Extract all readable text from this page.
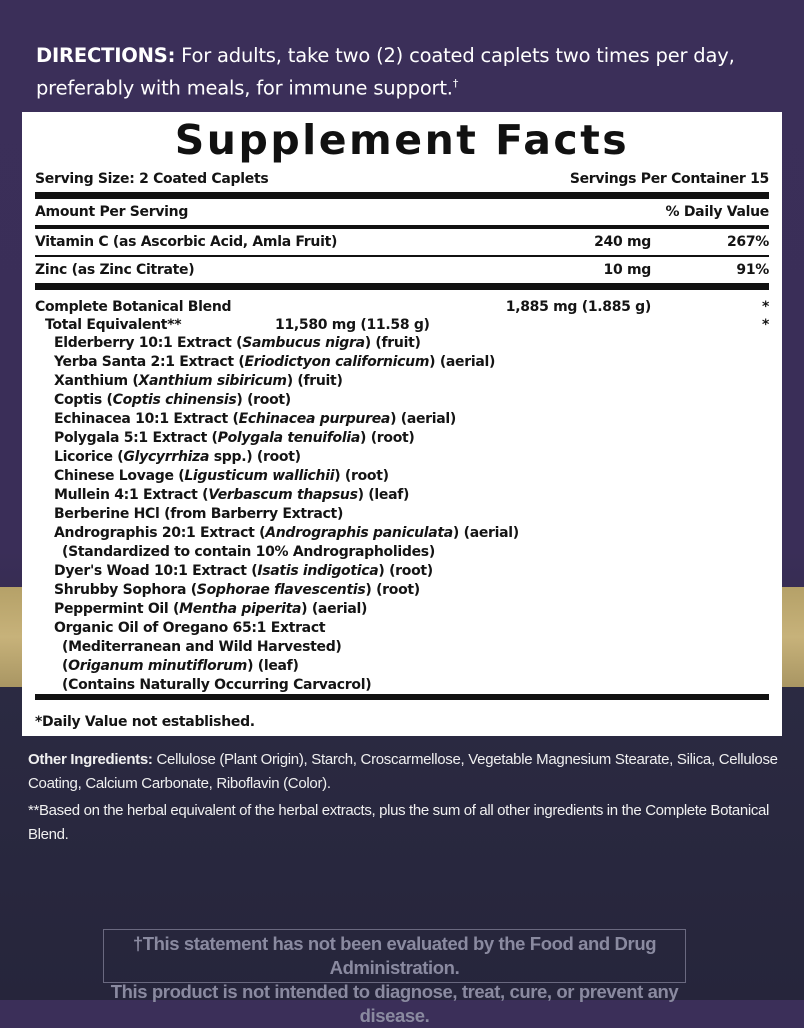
DIRECTIONS: For adults, take two (2) coated caplets two times per day, preferably with meals, for immune support.†
Supplement Facts
Serving Size: 2 Coated Caplets	Servings Per Container 15
Amount Per Serving	% Daily Value
Vitamin C (as Ascorbic Acid, Amla Fruit)	240 mg	267%
Zinc (as Zinc Citrate)	10 mg	91%
Complete Botanical Blend	1,885 mg (1.885 g)	*
Total Equivalent**	11,580 mg (11.58 g)	*
Elderberry 10:1 Extract (Sambucus nigra) (fruit)
Yerba Santa 2:1 Extract (Eriodictyon californicum) (aerial)
Xanthium (Xanthium sibiricum) (fruit)
Coptis (Coptis chinensis) (root)
Echinacea 10:1 Extract (Echinacea purpurea) (aerial)
Polygala 5:1 Extract (Polygala tenuifolia) (root)
Licorice (Glycyrrhiza spp.) (root)
Chinese Lovage (Ligusticum wallichii) (root)
Mullein 4:1 Extract (Verbascum thapsus) (leaf)
Berberine HCl (from Barberry Extract)
Andrographis 20:1 Extract (Andrographis paniculata) (aerial)
(Standardized to contain 10% Andrographolides)
Dyer's Woad 10:1 Extract (Isatis indigotica) (root)
Shrubby Sophora (Sophorae flavescentis) (root)
Peppermint Oil (Mentha piperita) (aerial)
Organic Oil of Oregano 65:1 Extract
(Mediterranean and Wild Harvested)
(Origanum minutiflorum) (leaf)
(Contains Naturally Occurring Carvacrol)
*Daily Value not established.
Other Ingredients: Cellulose (Plant Origin), Starch, Croscarmellose, Vegetable Magnesium Stearate, Silica, Cellulose Coating, Calcium Carbonate, Riboflavin (Color).
**Based on the herbal equivalent of the herbal extracts, plus the sum of all other ingredients in the Complete Botanical Blend.
†This statement has not been evaluated by the Food and Drug Administration.
This product is not intended to diagnose, treat, cure, or prevent any disease.
